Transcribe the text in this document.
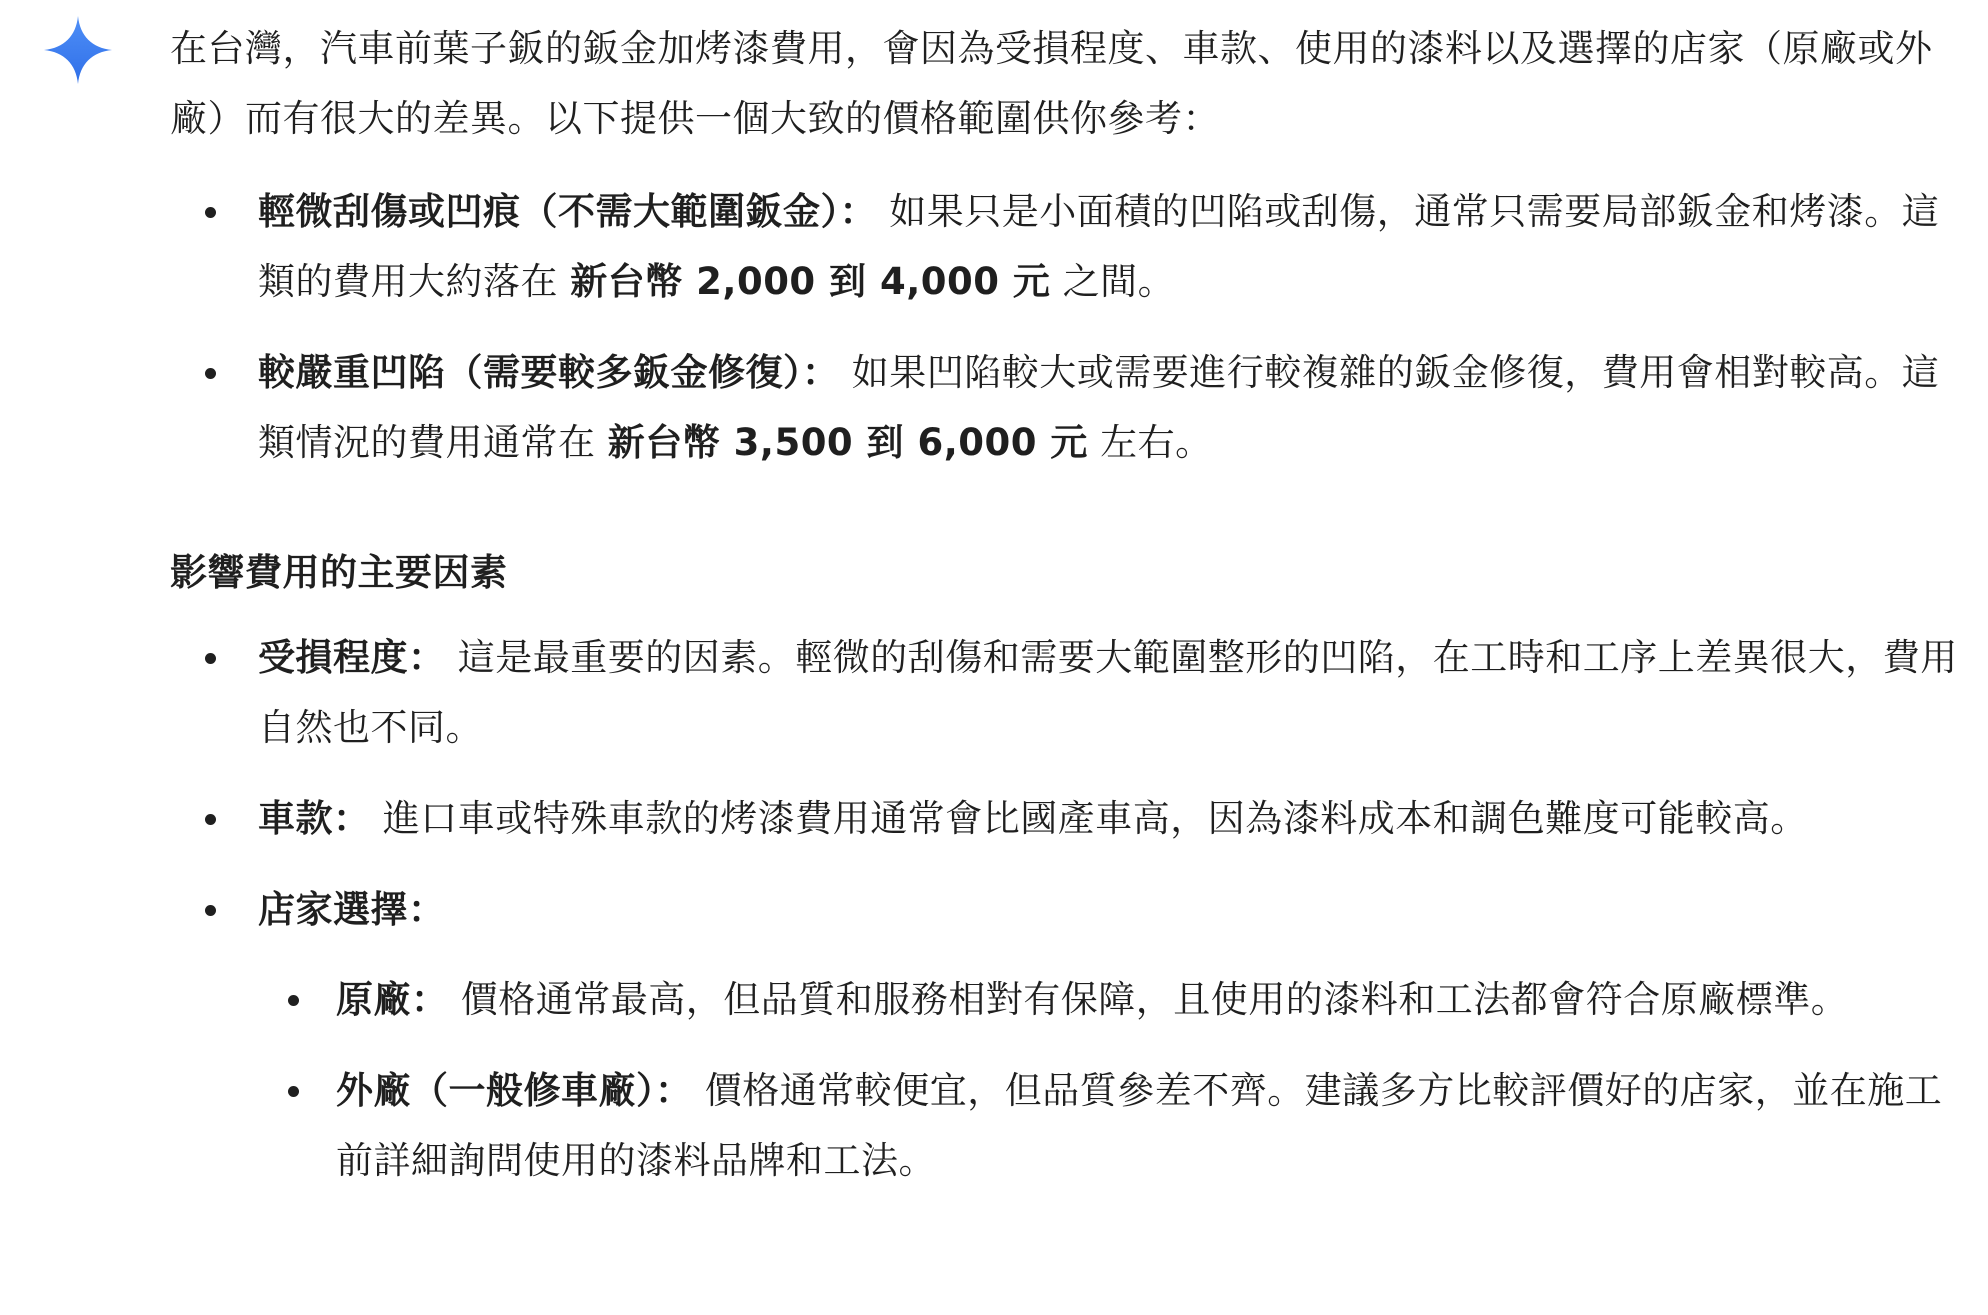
在台灣，汽車前葉子鈑的鈑金加烤漆費用，會因為受損程度、車款、使用的漆料以及選擇的店家（原廠或外廠）而有很大的差異。以下提供一個大致的價格範圍供你參考：

輕微刮傷或凹痕（不需大範圍鈑金）： 如果只是小面積的凹陷或刮傷，通常只需要局部鈑金和烤漆。這類的費用大約落在 新台幣 2,000 到 4,000 元 之間。
較嚴重凹陷（需要較多鈑金修復）： 如果凹陷較大或需要進行較複雜的鈑金修復，費用會相對較高。這類情況的費用通常在 新台幣 3,500 到 6,000 元 左右。

影響費用的主要因素

受損程度： 這是最重要的因素。輕微的刮傷和需要大範圍整形的凹陷，在工時和工序上差異很大，費用自然也不同。
車款： 進口車或特殊車款的烤漆費用通常會比國產車高，因為漆料成本和調色難度可能較高。
店家選擇：
原廠： 價格通常最高，但品質和服務相對有保障，且使用的漆料和工法都會符合原廠標準。
外廠（一般修車廠）： 價格通常較便宜，但品質參差不齊。建議多方比較評價好的店家，並在施工前詳細詢問使用的漆料品牌和工法。
